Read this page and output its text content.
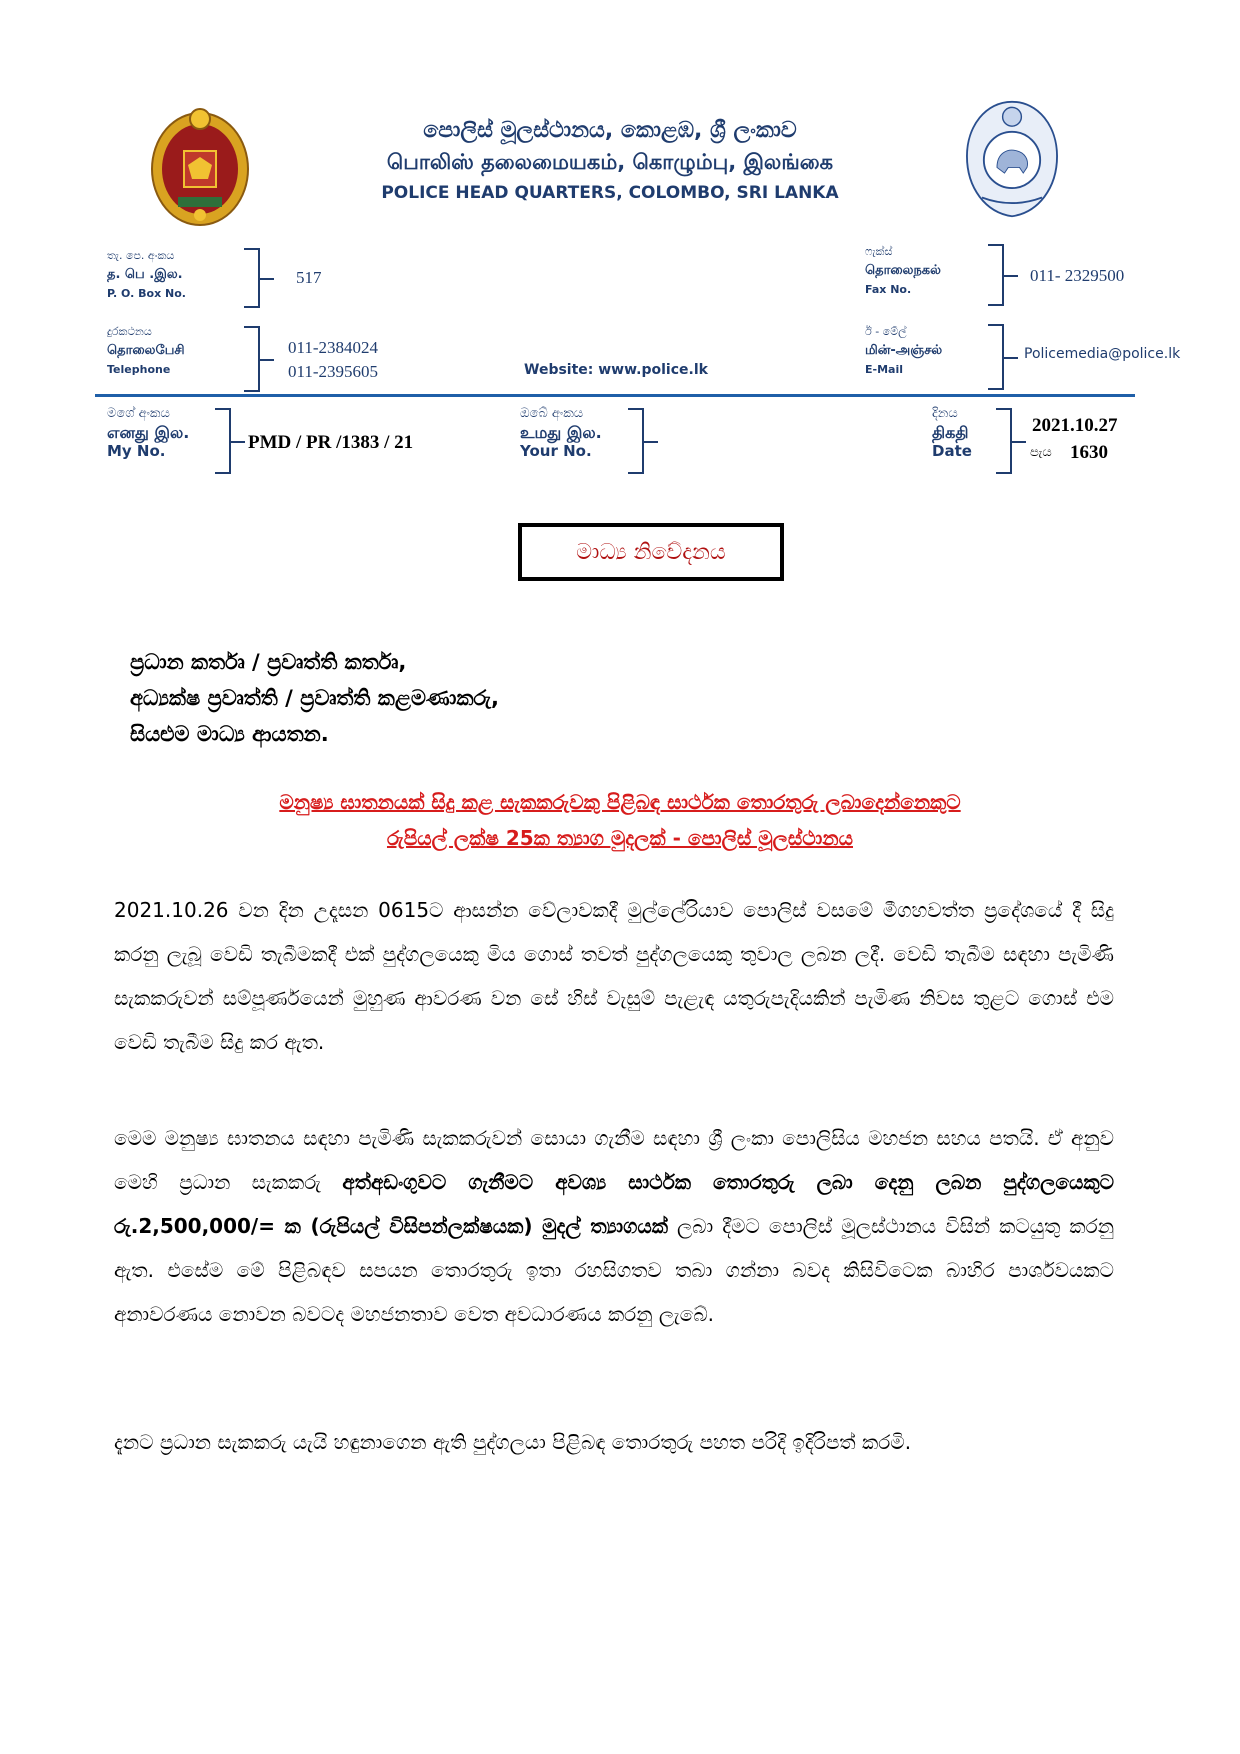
පොලිස් මූලස්ථානය, කොළඹ, ශ්‍රී ලංකාව
பொலிஸ் தலைமையகம், கொழும்பு, இலங்கை
POLICE HEAD QUARTERS, COLOMBO, SRI LANKA
තැ. පෙ. අංකය
த. பெ .இல.
P. O. Box No.
517
ෆැක්ස්
தொலைநகல்
Fax No.
011- 2329500
දුරකථනය
தொலைபேசி
Telephone
011-2384024
011-2395605	Website: www.police.lk
ඊ - මේල්
மின்-அஞ்சல்
E-Mail
Policemedia@police.lk
මගේ අංකය
எனது இல.
My No.	PMD / PR /1383 / 21
ඔබේ අංකය
உமது இல.
Your No.
දිනය
திகதி
Date
2021.10.27
පැය 1630
මාධ්‍ය නිවේදනය
ප්‍රධාන කර්තෘ / ප්‍රවෘත්ති කර්තෘ,
අධ්‍යක්ෂ ප්‍රවෘත්ති / ප්‍රවෘත්ති කළමණාකරු,
සියළුම මාධ්‍ය ආයතන.
මනුෂ්‍ය ඝාතනයක් සිදු කළ සැකකරුවකු පිළිබඳ සාර්ථක තොරතුරු ලබාදෙන්නෙකුට
රුපියල් ලක්ෂ 25ක ත්‍යාග මුදලක් - පොලිස් මූලස්ථානය
2021.10.26 වන දින උදෑසන 0615ට ආසන්න වේලාවකදී මුල්ලේරියාව පොලිස් වසමේ මීගහවත්ත ප්‍රදේශයේ දී සිදු කරනු ලැබූ වෙඩි තැබීමකදී එක් පුද්ගලයෙකු මිය ගොස් තවත් පුද්ගලයෙකු තුවාල ලබන ලදී. වෙඩි තැබීම සඳහා පැමිණි සැකකරුවන් සම්පූර්ණයෙන් මුහුණ ආවරණ වන සේ හිස් වැසුම් පැළැඳ යතුරුපැදියකින් පැමිණ නිවස තුළට ගොස් එම වෙඩි තැබීම සිදු කර ඇත.
මෙම මනුෂ්‍ය ඝාතනය සඳහා පැමිණි සැකකරුවන් සොයා ගැනීම සඳහා ශ්‍රී ලංකා පොලිසිය මහජන සහය පතයි. ඒ අනුව මෙහි ප්‍රධාන සැකකරු අත්අඩංගුවට ගැනීමට අවශ්‍ය සාර්ථක තොරතුරු ලබා දෙනු ලබන පුද්ගලයෙකුට රු.2,500,000/= ක (රුපියල් විසිපන්ලක්ෂයක) මුදල් ත්‍යාගයක් ලබා දීමට පොලිස් මූලස්ථානය විසින් කටයුතු කරනු ඇත. එසේම මේ පිළිබඳව සපයන තොරතුරු ඉතා රහසිගතව තබා ගන්නා බවද කිසිවිටෙක බාහිර පාර්ශවයකට අනාවරණය නොවන බවටද මහජනතාව වෙත අවධාරණය කරනු ලැබේ.
දැනට ප්‍රධාන සැකකරු යැයි හඳුනාගෙන ඇති පුද්ගලයා පිළිබඳ තොරතුරු පහත පරිදි ඉදිරිපත් කරමි.
